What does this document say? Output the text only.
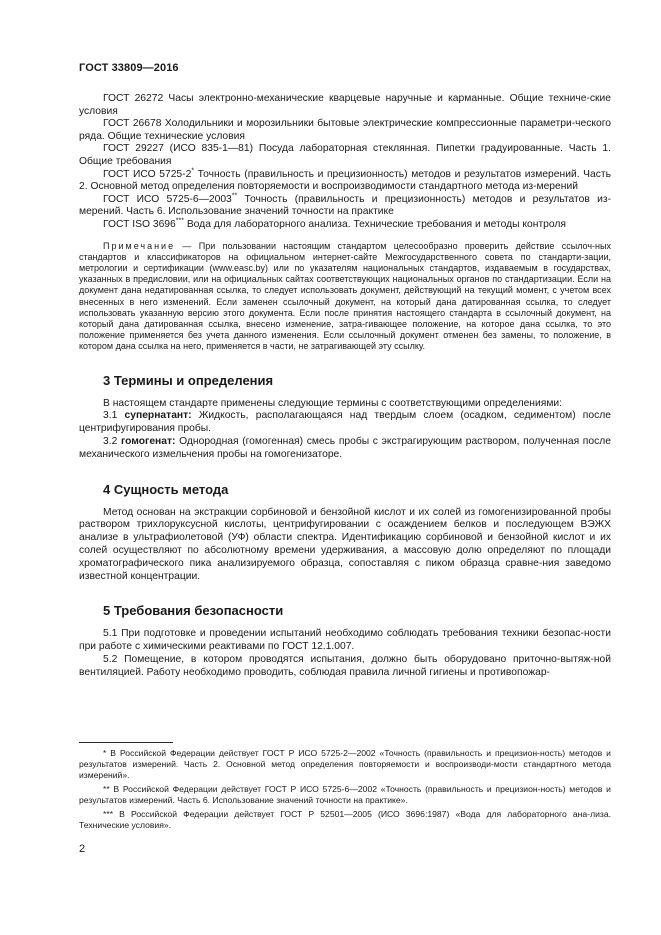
ГОСТ 33809—2016

ГОСТ 26272 Часы электронно-механические кварцевые наручные и карманные. Общие техниче-ские условия

ГОСТ 26678 Холодильники и морозильники бытовые электрические компрессионные параметри-ческого ряда. Общие технические условия

ГОСТ 29227 (ИСО 835-1—81) Посуда лабораторная стеклянная. Пипетки градуированные. Часть 1. Общие требования

ГОСТ ИСО 5725-2* Точность (правильность и прецизионность) методов и результатов измерений. Часть 2. Основной метод определения повторяемости и воспроизводимости стандартного метода из-мерений

ГОСТ ИСО 5725-6—2003** Точность (правильность и прецизионность) методов и результатов из-мерений. Часть 6. Использование значений точности на практике

ГОСТ ISO 3696*** Вода для лабораторного анализа. Технические требования и методы контроля

Примечание — При пользовании настоящим стандартом целесообразно проверить действие ссылоч-ных стандартов и классификаторов на официальном интернет-сайте Межгосударственного совета по стандарти-зации, метрологии и сертификации (www.easc.by) или по указателям национальных стандартов, издаваемым в государствах, указанных в предисловии, или на официальных сайтах соответствующих национальных органов по стандартизации. Если на документ дана недатированная ссылка, то следует использовать документ, действующий на текущий момент, с учетом всех внесенных в него изменений. Если заменен ссылочный документ, на который дана датированная ссылка, то следует использовать указанную версию этого документа. Если после принятия настоящего стандарта в ссылочный документ, на который дана датированная ссылка, внесено изменение, затра-гивающее положение, на которое дана ссылка, то это положение применяется без учета данного изменения. Если ссылочный документ отменен без замены, то положение, в котором дана ссылка на него, применяется в части, не затрагивающей эту ссылку.

3 Термины и определения

В настоящем стандарте применены следующие термины с соответствующими определениями:

3.1 супернатант: Жидкость, располагающаяся над твердым слоем (осадком, седиментом) после центрифугирования пробы.

3.2 гомогенат: Однородная (гомогенная) смесь пробы с экстрагирующим раствором, полученная после механического измельчения пробы на гомогенизаторе.

4 Сущность метода

Метод основан на экстракции сорбиновой и бензойной кислот и их солей из гомогенизированной пробы раствором трихлоруксусной кислоты, центрифугировании с осаждением белков и последующем ВЭЖХ анализе в ультрафиолетовой (УФ) области спектра. Идентификацию сорбиновой и бензойной кислот и их солей осуществляют по абсолютному времени удерживания, а массовую долю определяют по площади хроматографического пика анализируемого образца, сопоставляя с пиком образца сравне-ния заведомо известной концентрации.

5 Требования безопасности

5.1 При подготовке и проведении испытаний необходимо соблюдать требования техники безопас-ности при работе с химическими реактивами по ГОСТ 12.1.007.

5.2 Помещение, в котором проводятся испытания, должно быть оборудовано приточно-вытяж-ной вентиляцией. Работу необходимо проводить, соблюдая правила личной гигиены и противопожар-

* В Российской Федерации действует ГОСТ Р ИСО 5725-2—2002 «Точность (правильность и прецизион-ность) методов и результатов измерений. Часть 2. Основной метод определения повторяемости и воспроизводи-мости стандартного метода измерений».

** В Российской Федерации действует ГОСТ Р ИСО 5725-6—2002 «Точность (правильность и прецизион-ность) методов и результатов измерений. Часть 6. Использование значений точности на практике».

*** В Российской Федерации действует ГОСТ Р 52501—2005 (ИСО 3696:1987) «Вода для лабораторного ана-лиза. Технические условия».

2
